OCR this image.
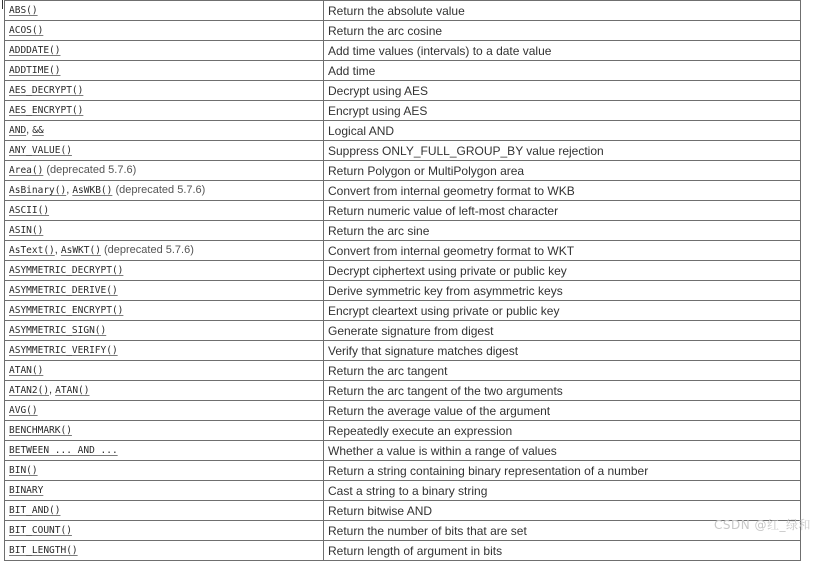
ABS()	Return the absolute value
ACOS()	Return the arc cosine
ADDDATE()	Add time values (intervals) to a date value
ADDTIME()	Add time
AES_DECRYPT()	Decrypt using AES
AES_ENCRYPT()	Encrypt using AES
AND, &&	Logical AND
ANY_VALUE()	Suppress ONLY_FULL_GROUP_BY value rejection
Area() (deprecated 5.7.6)	Return Polygon or MultiPolygon area
AsBinary(), AsWKB() (deprecated 5.7.6)	Convert from internal geometry format to WKB
ASCII()	Return numeric value of left-most character
ASIN()	Return the arc sine
AsText(), AsWKT() (deprecated 5.7.6)	Convert from internal geometry format to WKT
ASYMMETRIC_DECRYPT()	Decrypt ciphertext using private or public key
ASYMMETRIC_DERIVE()	Derive symmetric key from asymmetric keys
ASYMMETRIC_ENCRYPT()	Encrypt cleartext using private or public key
ASYMMETRIC_SIGN()	Generate signature from digest
ASYMMETRIC_VERIFY()	Verify that signature matches digest
ATAN()	Return the arc tangent
ATAN2(), ATAN()	Return the arc tangent of the two arguments
AVG()	Return the average value of the argument
BENCHMARK()	Repeatedly execute an expression
BETWEEN ... AND ...	Whether a value is within a range of values
BIN()	Return a string containing binary representation of a number
BINARY	Cast a string to a binary string
BIT_AND()	Return bitwise AND
BIT_COUNT()	Return the number of bits that are set
BIT_LENGTH()	Return length of argument in bits
CSDN @红_绿和
